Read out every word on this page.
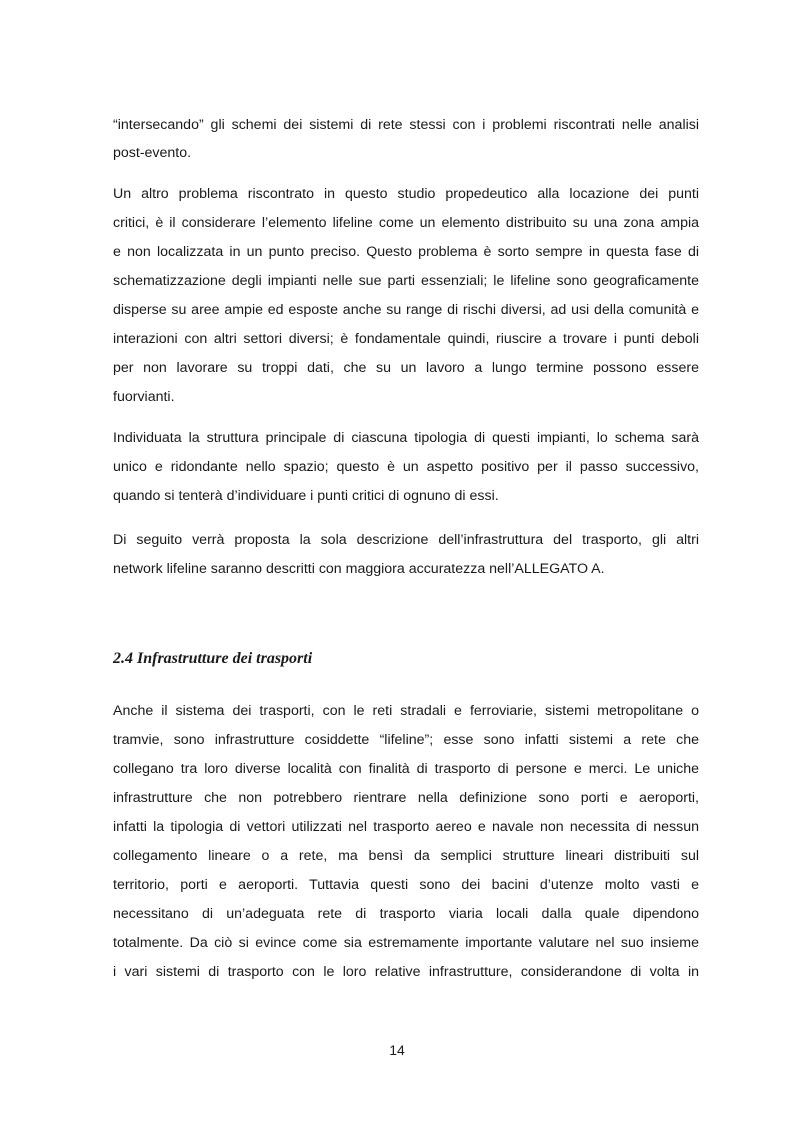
“intersecando” gli schemi dei sistemi di rete stessi con i problemi riscontrati nelle analisi
post-evento.
Un altro problema riscontrato in questo studio propedeutico alla locazione dei punti
critici, è il considerare l’elemento lifeline come un elemento distribuito su una zona ampia
e non localizzata in un punto preciso. Questo problema è sorto sempre in questa fase di
schematizzazione degli impianti nelle sue parti essenziali; le lifeline sono geograficamente
disperse su aree ampie ed esposte anche su range di rischi diversi, ad usi della comunità e
interazioni con altri settori diversi; è fondamentale quindi, riuscire a trovare i punti deboli
per non lavorare su troppi dati, che su un lavoro a lungo termine possono essere
fuorvianti.
Individuata la struttura principale di ciascuna tipologia di questi impianti, lo schema sarà
unico e ridondante nello spazio; questo è un aspetto positivo per il passo successivo,
quando si tenterà d’individuare i punti critici di ognuno di essi.
Di seguito verrà proposta la sola descrizione dell’infrastruttura del trasporto, gli altri
network lifeline saranno descritti con maggiora accuratezza nell’ALLEGATO A.
2.4 Infrastrutture dei trasporti
Anche il sistema dei trasporti, con le reti stradali e ferroviarie, sistemi metropolitane o
tramvie, sono infrastrutture cosiddette “lifeline”; esse sono infatti sistemi a rete che
collegano tra loro diverse località con finalità di trasporto di persone e merci. Le uniche
infrastrutture che non potrebbero rientrare nella definizione sono porti e aeroporti,
infatti la tipologia di vettori utilizzati nel trasporto aereo e navale non necessita di nessun
collegamento lineare o a rete, ma bensì da semplici strutture lineari distribuiti sul
territorio, porti e aeroporti. Tuttavia questi sono dei bacini d’utenze molto vasti e
necessitano di un’adeguata rete di trasporto viaria locali dalla quale dipendono
totalmente. Da ciò si evince come sia estremamente importante valutare nel suo insieme
i vari sistemi di trasporto con le loro relative infrastrutture, considerandone di volta in
14
